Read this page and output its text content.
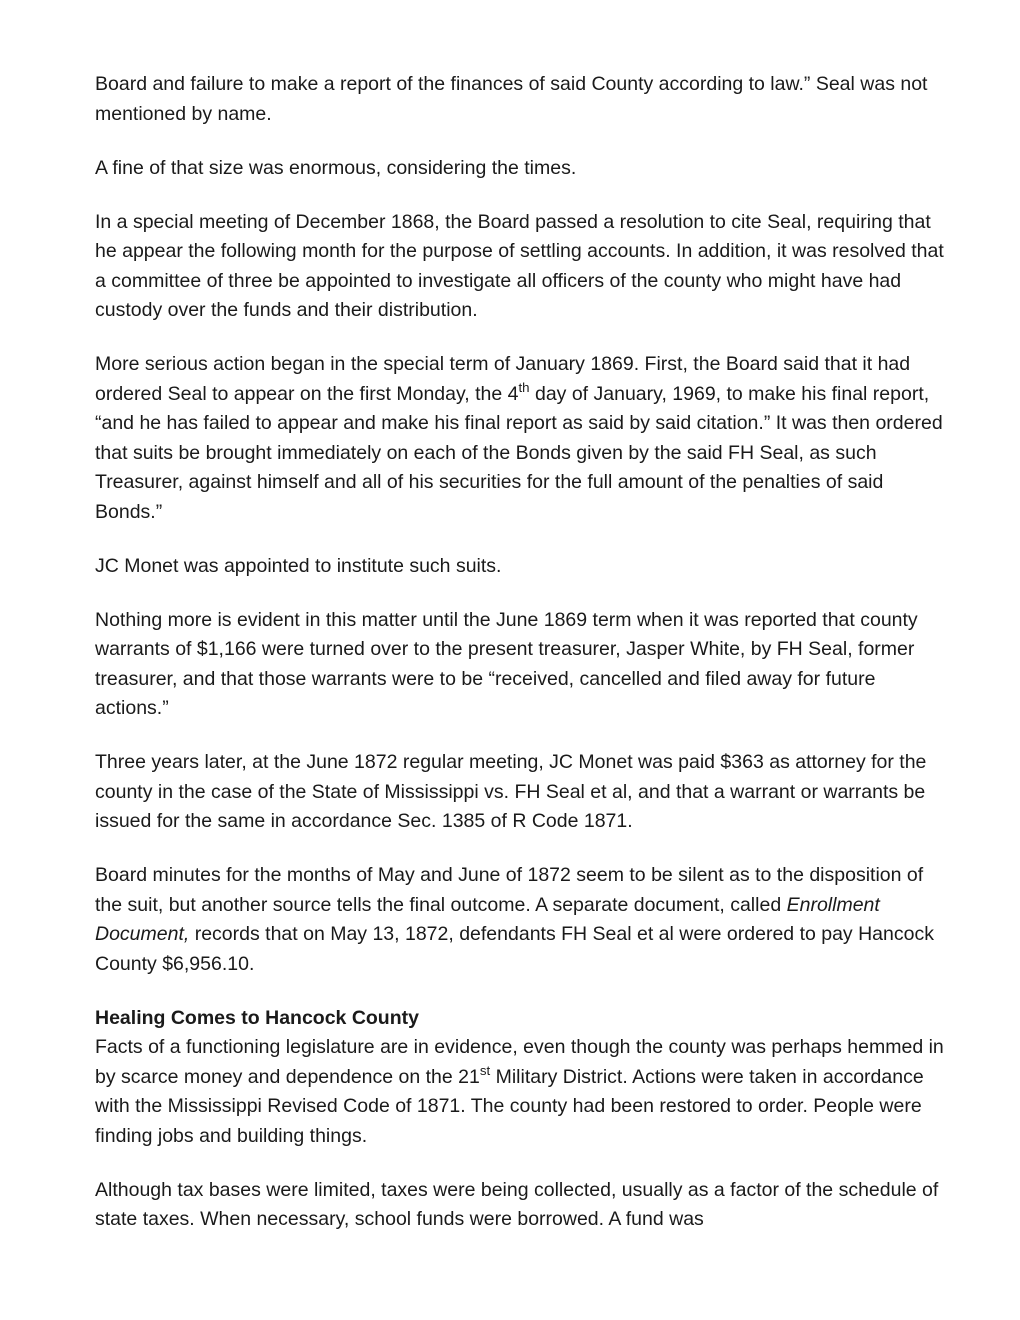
Board and failure to make a report of the finances of said County according to law.” Seal was not mentioned by name.

A fine of that size was enormous, considering the times.

In a special meeting of December 1868, the Board passed a resolution to cite Seal, requiring that he appear the following month for the purpose of settling accounts. In addition, it was resolved that a committee of three be appointed to investigate all officers of the county who might have had custody over the funds and their distribution.

More serious action began in the special term of January 1869. First, the Board said that it had ordered Seal to appear on the first Monday, the 4th day of January, 1969, to make his final report, “and he has failed to appear and make his final report as said by said citation.” It was then ordered that suits be brought immediately on each of the Bonds given by the said FH Seal, as such Treasurer, against himself and all of his securities for the full amount of the penalties of said Bonds.”

JC Monet was appointed to institute such suits.

Nothing more is evident in this matter until the June 1869 term when it was reported that county warrants of $1,166 were turned over to the present treasurer, Jasper White, by FH Seal, former treasurer, and that those warrants were to be “received, cancelled and filed away for future actions.”

Three years later, at the June 1872 regular meeting, JC Monet was paid $363 as attorney for the county in the case of the State of Mississippi vs. FH Seal et al, and that a warrant or warrants be issued for the same in accordance Sec. 1385 of R Code 1871.

Board minutes for the months of May and June of 1872 seem to be silent as to the disposition of the suit, but another source tells the final outcome. A separate document, called Enrollment Document, records that on May 13, 1872, defendants FH Seal et al were ordered to pay Hancock County $6,956.10.

Healing Comes to Hancock County
Facts of a functioning legislature are in evidence, even though the county was perhaps hemmed in by scarce money and dependence on the 21st Military District. Actions were taken in accordance with the Mississippi Revised Code of 1871. The county had been restored to order. People were finding jobs and building things.

Although tax bases were limited, taxes were being collected, usually as a factor of the schedule of state taxes. When necessary, school funds were borrowed. A fund was
